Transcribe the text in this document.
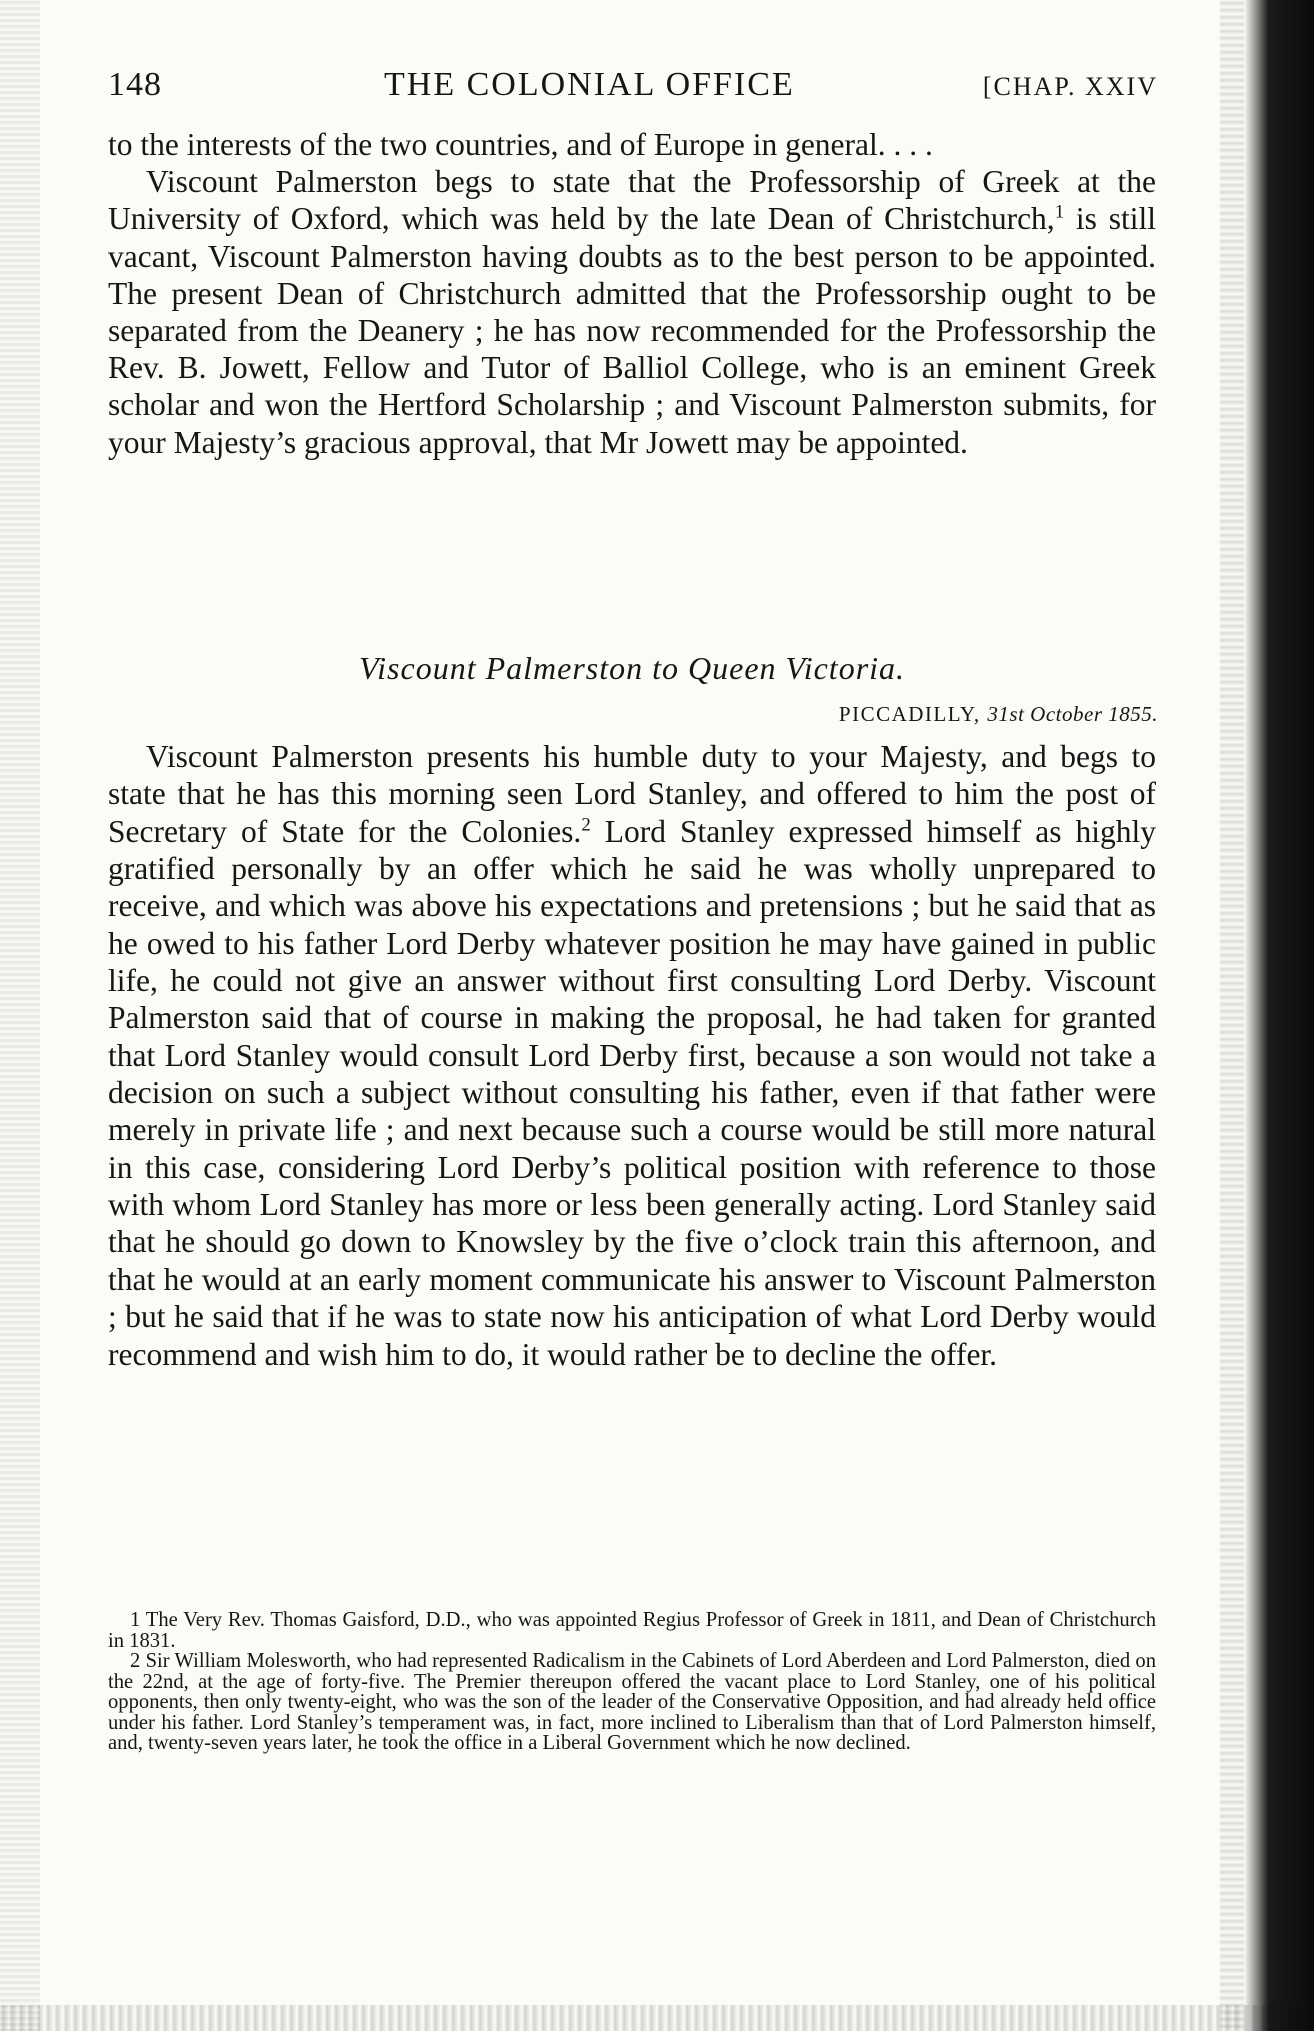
148	THE COLONIAL OFFICE	[CHAP. XXIV

to the interests of the two countries, and of Europe in general. . . .

Viscount Palmerston begs to state that the Professorship of Greek at the University of Oxford, which was held by the late Dean of Christchurch,$^1$ is still vacant, Viscount Palmerston having doubts as to the best person to be appointed. The present Dean of Christchurch admitted that the Professorship ought to be separated from the Deanery ; he has now recommended for the Professorship the Rev. B. Jowett, Fellow and Tutor of Balliol College, who is an eminent Greek scholar and won the Hertford Scholarship ; and Viscount Palmerston submits, for your Majesty’s gracious approval, that Mr Jowett may be appointed.

Viscount Palmerston to Queen Victoria.
PICCADILLY, 31st October 1855.

Viscount Palmerston presents his humble duty to your Majesty, and begs to state that he has this morning seen Lord Stanley, and offered to him the post of Secretary of State for the Colonies.$^2$ Lord Stanley expressed himself as highly gratified personally by an offer which he said he was wholly unprepared to receive, and which was above his expectations and pretensions ; but he said that as he owed to his father Lord Derby whatever position he may have gained in public life, he could not give an answer without first consulting Lord Derby. Viscount Palmerston said that of course in making the proposal, he had taken for granted that Lord Stanley would consult Lord Derby first, because a son would not take a decision on such a subject without consulting his father, even if that father were merely in private life ; and next because such a course would be still more natural in this case, considering Lord Derby’s political position with reference to those with whom Lord Stanley has more or less been generally acting. Lord Stanley said that he should go down to Knowsley by the five o’clock train this afternoon, and that he would at an early moment communicate his answer to Viscount Palmerston ; but he said that if he was to state now his anticipation of what Lord Derby would recommend and wish him to do, it would rather be to decline the offer.

1 The Very Rev. Thomas Gaisford, D.D., who was appointed Regius Professor of Greek in 1811, and Dean of Christchurch in 1831.

2 Sir William Molesworth, who had represented Radicalism in the Cabinets of Lord Aberdeen and Lord Palmerston, died on the 22nd, at the age of forty-five. The Premier thereupon offered the vacant place to Lord Stanley, one of his political opponents, then only twenty-eight, who was the son of the leader of the Conservative Opposition, and had already held office under his father. Lord Stanley’s temperament was, in fact, more inclined to Liberalism than that of Lord Palmerston himself, and, twenty-seven years later, he took the office in a Liberal Government which he now declined.
